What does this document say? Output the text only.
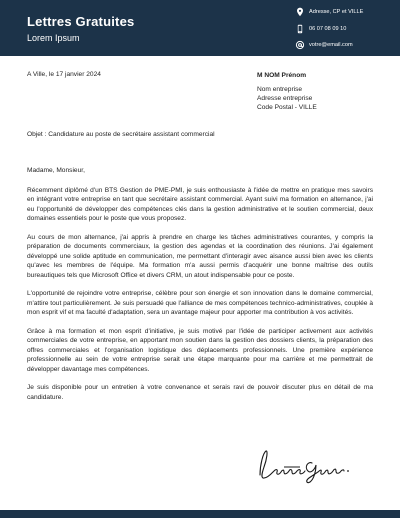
Lettres Gratuites
Lorem Ipsum
Adresse, CP et VILLE
06 07 08 09 10
votre@email.com
A Ville, le 17 janvier 2024	M NOM Prénom
Nom entreprise
Adresse entreprise
Code Postal - VILLE
Objet : Candidature au poste de secrétaire assistant commercial

Madame, Monsieur,

Récemment diplômé d'un BTS Gestion de PME-PMI, je suis enthousiaste à l'idée de mettre en pratique mes savoirs en intégrant votre entreprise en tant que secrétaire assistant commercial. Ayant suivi ma formation en alternance, j'ai eu l'opportunité de développer des compétences clés dans la gestion administrative et le soutien commercial, deux domaines essentiels pour le poste que vous proposez.

Au cours de mon alternance, j'ai appris à prendre en charge les tâches administratives courantes, y compris la préparation de documents commerciaux, la gestion des agendas et la coordination des réunions. J'ai également développé une solide aptitude en communication, me permettant d'interagir avec aisance aussi bien avec les clients qu'avec les membres de l'équipe. Ma formation m'a aussi permis d'acquérir une bonne maîtrise des outils bureautiques tels que Microsoft Office et divers CRM, un atout indispensable pour ce poste.

L'opportunité de rejoindre votre entreprise, célèbre pour son énergie et son innovation dans le domaine commercial, m'attire tout particulièrement. Je suis persuadé que l'alliance de mes compétences technico-administratives, couplée à mon esprit vif et ma faculté d'adaptation, sera un avantage majeur pour apporter ma contribution à vos activités.

Grâce à ma formation et mon esprit d'initiative, je suis motivé par l'idée de participer activement aux activités commerciales de votre entreprise, en apportant mon soutien dans la gestion des dossiers clients, la préparation des offres commerciales et l'organisation logistique des déplacements professionnels. Une première expérience professionnelle au sein de votre entreprise serait une étape marquante pour ma carrière et me permettrait de développer davantage mes compétences.

Je suis disponible pour un entretien à votre convenance et serais ravi de pouvoir discuter plus en détail de ma candidature.
